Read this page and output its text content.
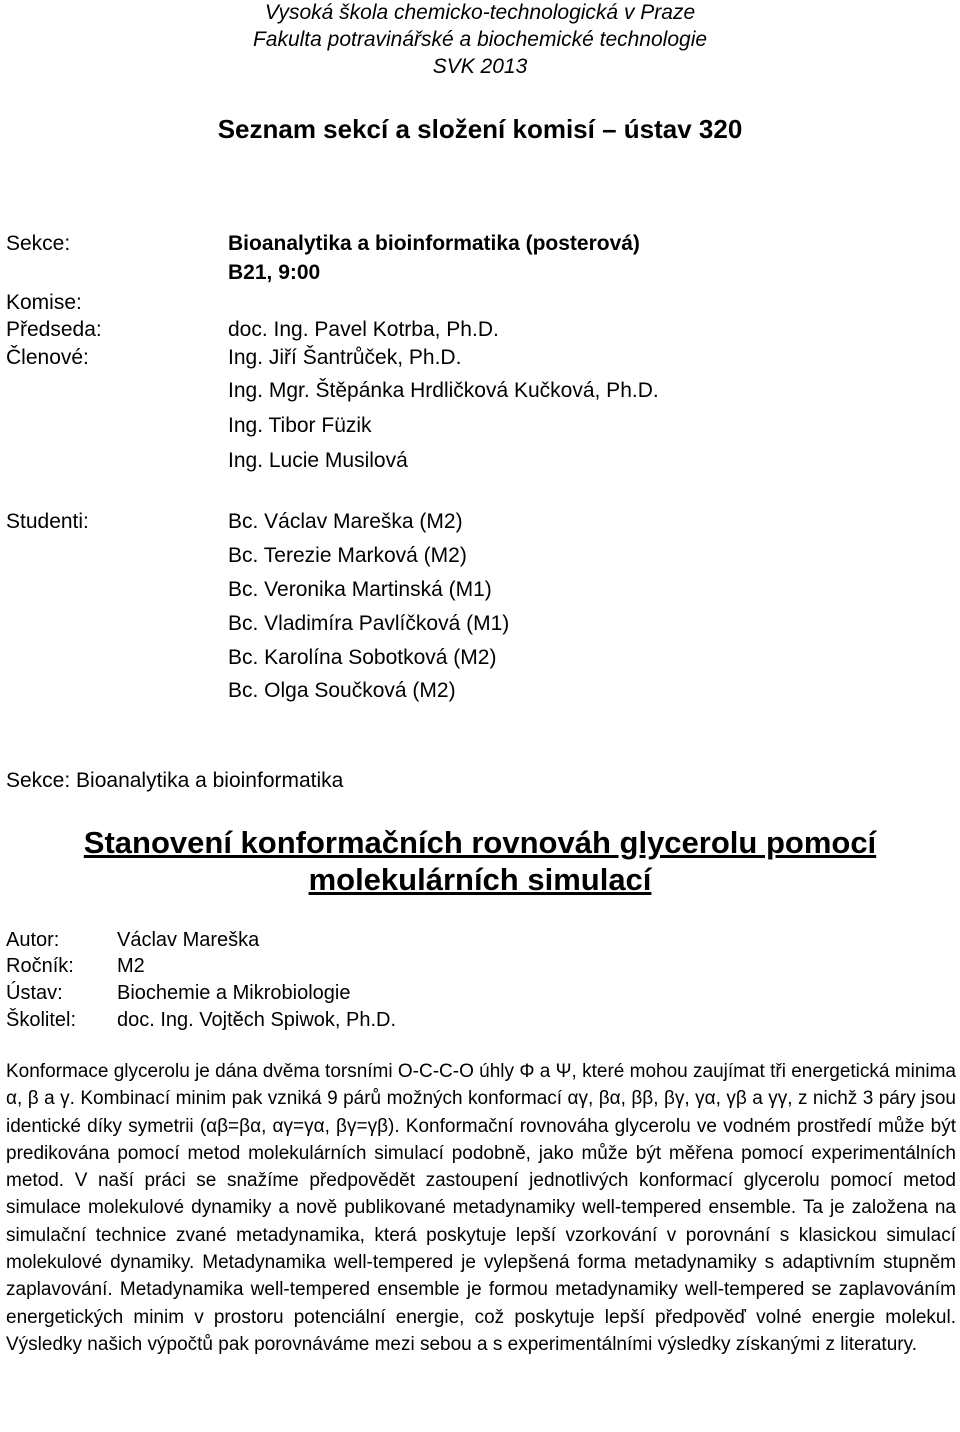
Vysoká škola chemicko-technologická v Praze
Fakulta potravinářské a biochemické technologie
SVK 2013
Seznam sekcí a složení komisí – ústav 320
Sekce:	Bioanalytika a bioinformatika (posterová)
B21, 9:00
Komise:
Předseda:	doc. Ing. Pavel Kotrba, Ph.D.
Členové:	Ing. Jiří Šantrůček, Ph.D.
Ing. Mgr. Štěpánka Hrdličková Kučková, Ph.D.
Ing. Tibor Füzik
Ing. Lucie Musilová
Studenti:	Bc. Václav Mareška (M2)
Bc. Terezie Marková (M2)
Bc. Veronika Martinská (M1)
Bc. Vladimíra Pavlíčková (M1)
Bc. Karolína Sobotková (M2)
Bc. Olga Součková (M2)
Sekce: Bioanalytika a bioinformatika
Stanovení konformačních rovnováh glycerolu pomocí
molekulárních simulací
Autor:	Václav Mareška
Ročník: M2
Ústav:	Biochemie a Mikrobiologie
Školitel: doc. Ing. Vojtěch Spiwok, Ph.D.

Konformace glycerolu je dána dvěma torsními O-C-C-O úhly Φ a Ψ, které mohou zaujímat tři energetická minima α, β a γ. Kombinací minim pak vzniká 9 párů možných konformací αγ, βα, ββ, βγ, γα, γβ a γγ, z nichž 3 páry jsou identické díky symetrii (αβ=βα, αγ=γα, βγ=γβ). Konformační rovnováha glycerolu ve vodném prostředí může být predikována pomocí metod molekulárních simulací podobně, jako může být měřena pomocí experimentálních metod. V naší práci se snažíme předpovědět zastoupení jednotlivých konformací glycerolu pomocí metod simulace molekulové dynamiky a nově publikované metadynamiky well-tempered ensemble. Ta je založena na simulační technice zvané metadynamika, která poskytuje lepší vzorkování v porovnání s klasickou simulací molekulové dynamiky. Metadynamika well-tempered je vylepšená forma metadynamiky s adaptivním stupněm zaplavování. Metadynamika well-tempered ensemble je formou metadynamiky well-tempered se zaplavováním energetických minim v prostoru potenciální energie, což poskytuje lepší předpověď volné energie molekul. Výsledky našich výpočtů pak porovnáváme mezi sebou a s experimentálními výsledky získanými z literatury.
